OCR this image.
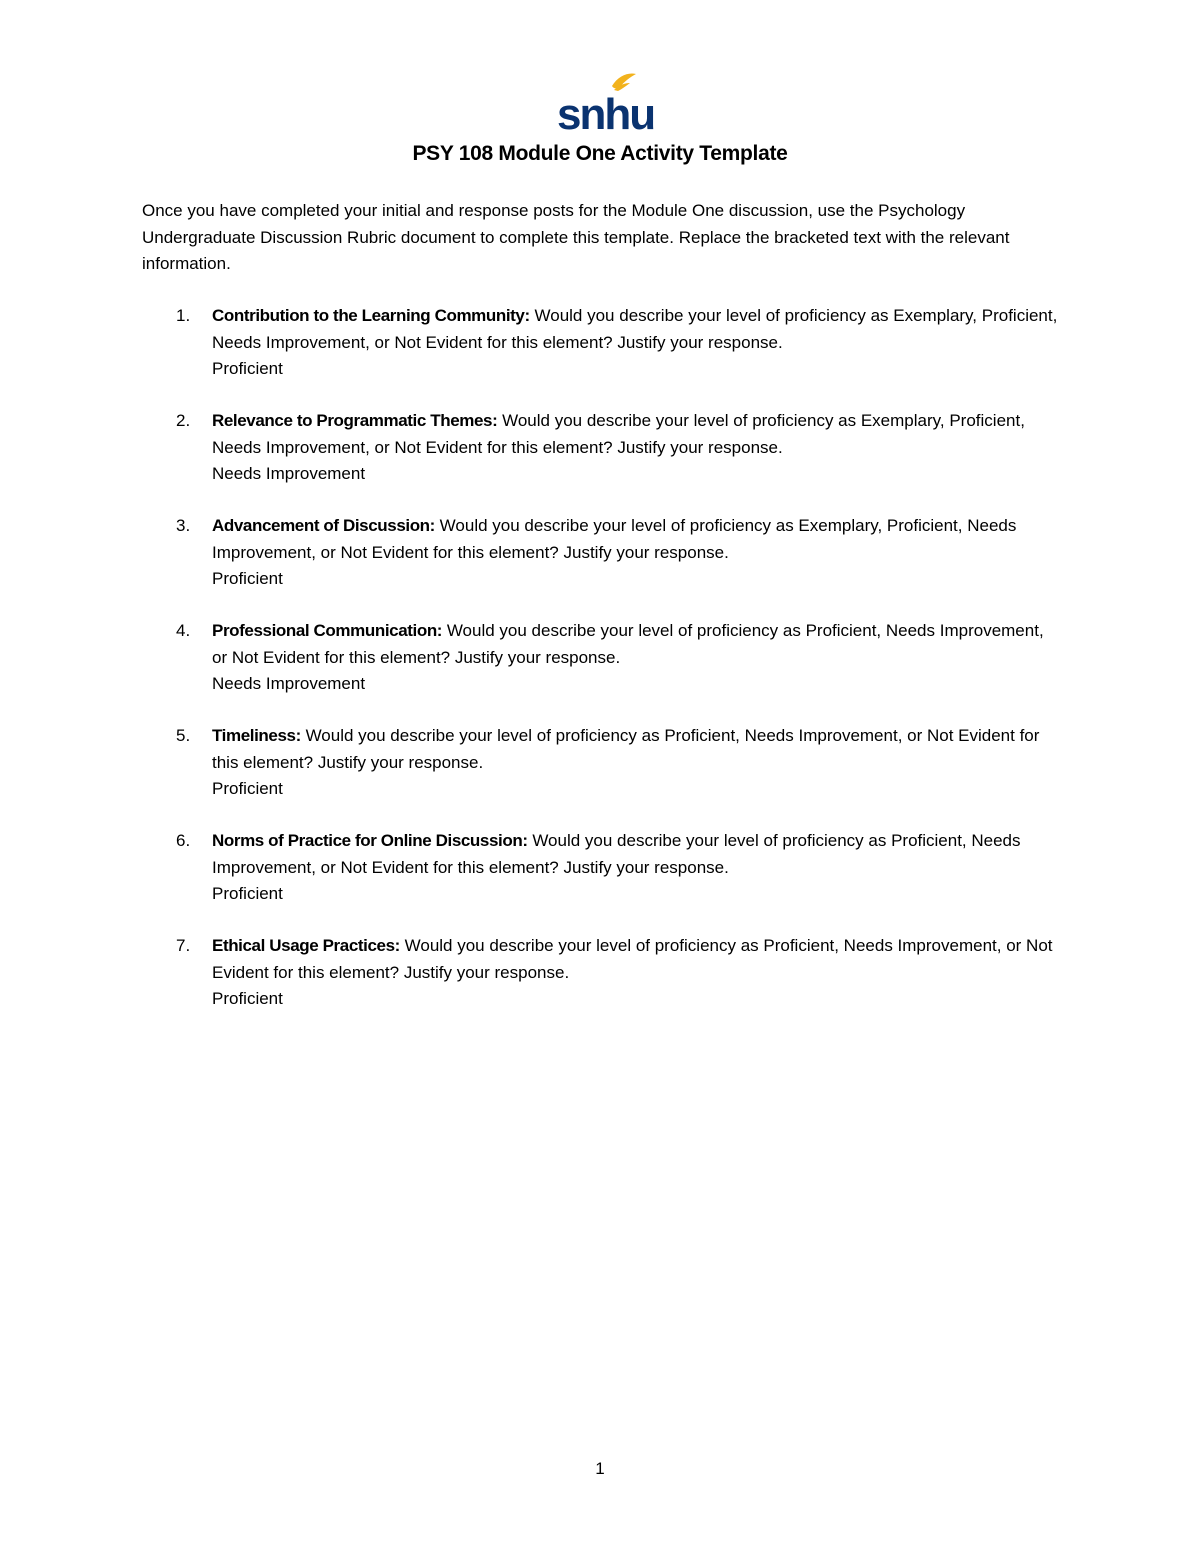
snhu
PSY 108 Module One Activity Template

Once you have completed your initial and response posts for the Module One discussion, use the Psychology Undergraduate Discussion Rubric document to complete this template. Replace the bracketed text with the relevant information.

1. Contribution to the Learning Community: Would you describe your level of proficiency as Exemplary, Proficient, Needs Improvement, or Not Evident for this element? Justify your response.
Proficient
2. Relevance to Programmatic Themes: Would you describe your level of proficiency as Exemplary, Proficient, Needs Improvement, or Not Evident for this element? Justify your response.
Needs Improvement
3. Advancement of Discussion: Would you describe your level of proficiency as Exemplary, Proficient, Needs Improvement, or Not Evident for this element? Justify your response.
Proficient
4. Professional Communication: Would you describe your level of proficiency as Proficient, Needs Improvement, or Not Evident for this element? Justify your response.
Needs Improvement
5. Timeliness: Would you describe your level of proficiency as Proficient, Needs Improvement, or Not Evident for this element? Justify your response.
Proficient
6. Norms of Practice for Online Discussion: Would you describe your level of proficiency as Proficient, Needs Improvement, or Not Evident for this element? Justify your response.
Proficient
7. Ethical Usage Practices: Would you describe your level of proficiency as Proficient, Needs Improvement, or Not Evident for this element? Justify your response.
Proficient
1
